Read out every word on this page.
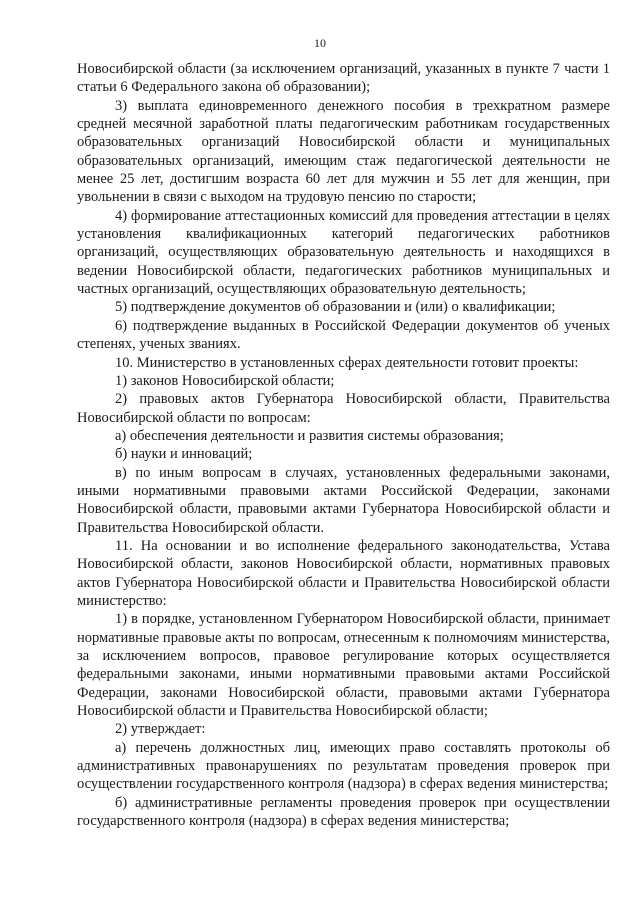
10

Новосибирской области (за исключением организаций, указанных в пункте 7 части 1 статьи 6 Федерального закона об образовании);

3) выплата единовременного денежного пособия в трехкратном размере средней месячной заработной платы педагогическим работникам государственных образовательных организаций Новосибирской области и муниципальных образовательных организаций, имеющим стаж педагогической деятельности не менее 25 лет, достигшим возраста 60 лет для мужчин и 55 лет для женщин, при увольнении в связи с выходом на трудовую пенсию по старости;

4) формирование аттестационных комиссий для проведения аттестации в целях установления квалификационных категорий педагогических работников организаций, осуществляющих образовательную деятельность и находящихся в ведении Новосибирской области, педагогических работников муниципальных и частных организаций, осуществляющих образовательную деятельность;

5) подтверждение документов об образовании и (или) о квалификации;

6) подтверждение выданных в Российской Федерации документов об ученых степенях, ученых званиях.

10. Министерство в установленных сферах деятельности готовит проекты:

1) законов Новосибирской области;

2) правовых актов Губернатора Новосибирской области, Правительства Новосибирской области по вопросам:

а) обеспечения деятельности и развития системы образования;

б) науки и инноваций;

в) по иным вопросам в случаях, установленных федеральными законами, иными нормативными правовыми актами Российской Федерации, законами Новосибирской области, правовыми актами Губернатора Новосибирской области и Правительства Новосибирской области.

11. На основании и во исполнение федерального законодательства, Устава Новосибирской области, законов Новосибирской области, нормативных правовых актов Губернатора Новосибирской области и Правительства Новосибирской области министерство:

1) в порядке, установленном Губернатором Новосибирской области, принимает нормативные правовые акты по вопросам, отнесенным к полномочиям министерства, за исключением вопросов, правовое регулирование которых осуществляется федеральными законами, иными нормативными правовыми актами Российской Федерации, законами Новосибирской области, правовыми актами Губернатора Новосибирской области и Правительства Новосибирской области;

2) утверждает:

а) перечень должностных лиц, имеющих право составлять протоколы об административных правонарушениях по результатам проведения проверок при осуществлении государственного контроля (надзора) в сферах ведения министерства;

б) административные регламенты проведения проверок при осуществлении государственного контроля (надзора) в сферах ведения министерства;
